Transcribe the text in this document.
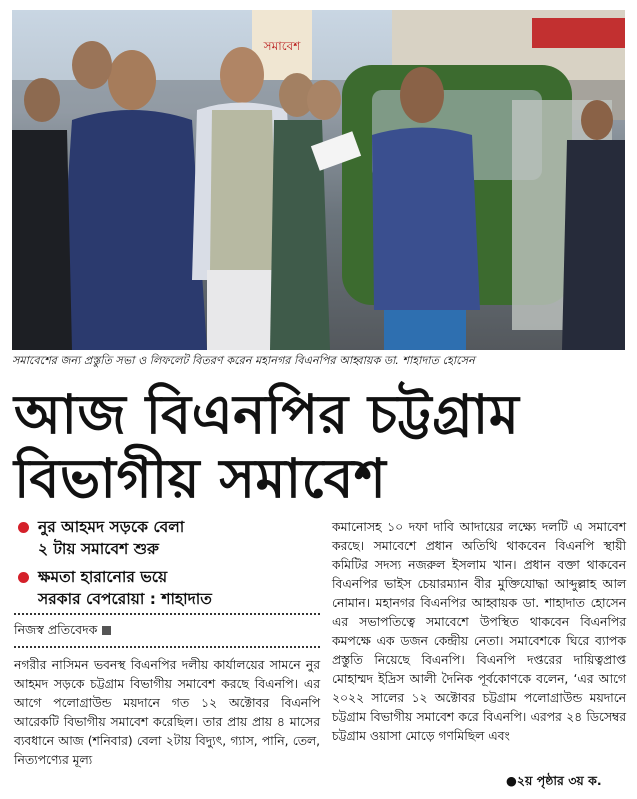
সমাবেশ
সমাবেশের জন্য প্রস্তুতি সভা ও লিফলেট বিতরণ করেন মহানগর বিএনপির আহ্বায়ক ডা. শাহাদাত হোসেন
আজ বিএনপির চট্টগ্রাম
বিভাগীয় সমাবেশ
নুর আহমদ সড়কে বেলা
২ টায় সমাবেশ শুরু
ক্ষমতা হারানোর ভয়ে
সরকার বেপরোয়া : শাহাদাত
নিজস্ব প্রতিবেদক
নগরীর নাসিমন ভবনস্থ বিএনপির দলীয় কার্যালয়ের সামনে নুর আহমদ সড়কে চট্টগ্রাম বিভাগীয় সমাবেশ করছে বিএনপি। এর আগে পলোগ্রাউন্ড ময়দানে গত ১২ অক্টোবর বিএনপি আরেকটি বিভাগীয় সমাবেশ করেছিল। তার প্রায় প্রায় ৪ মাসের ব্যবধানে আজ (শনিবার) বেলা ২টায় বিদ্যুৎ, গ্যাস, পানি, তেল, নিত্যপণ্যের মূল্য
কমানোসহ ১০ দফা দাবি আদায়ের লক্ষ্যে দলটি এ সমাবেশ করছে। সমাবেশে প্রধান অতিথি থাকবেন বিএনপি স্থায়ী কমিটির সদস্য নজরুল ইসলাম খান। প্রধান বক্তা থাকবেন বিএনপির ভাইস চেয়ারম্যান বীর মুক্তিযোদ্ধা আব্দুল্লাহ আল নোমান। মহানগর বিএনপির আহ্বায়ক ডা. শাহাদাত হোসেন এর সভাপতিত্বে সমাবেশে উপস্থিত থাকবেন বিএনপির কমপক্ষে এক ডজন কেন্দ্রীয় নেতা। সমাবেশকে ঘিরে ব্যাপক প্রস্তুতি নিয়েছে বিএনপি। বিএনপি দপ্তরের দায়িত্বপ্রাপ্ত মোহাম্মদ ইদ্রিস আলী দৈনিক পূর্বকোণকে বলেন, ‘এর আগে ২০২২ সালের ১২ অক্টোবর চট্টগ্রাম পলোগ্রাউন্ড ময়দানে চট্টগ্রাম বিভাগীয় সমাবেশ করে বিএনপি। এরপর ২৪ ডিসেম্বর চট্টগ্রাম ওয়াসা মোড়ে গণমিছিল এবং
●২য় পৃষ্ঠার ৩য় ক.
